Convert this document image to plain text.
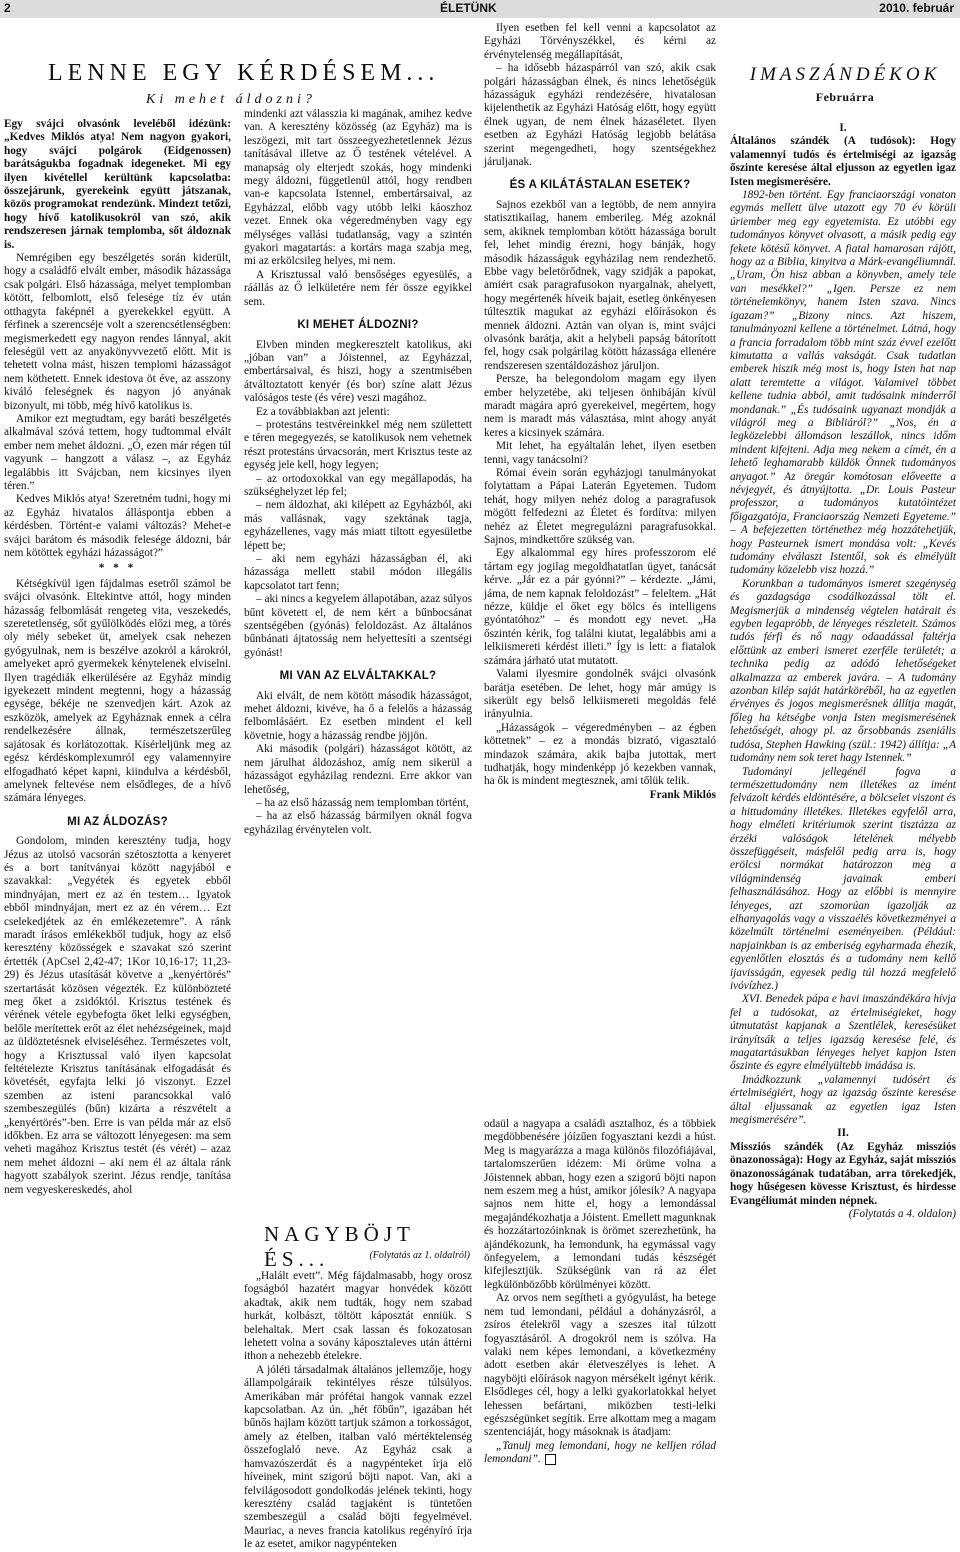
2	ÉLETÜNK	2010. február
LENNE EGY KÉRDÉSEM...
Ki mehet áldozni?

Egy svájci olvasónk leveléből idézünk: „Kedves Miklós atya! Nem nagyon gyakori, hogy svájci polgárok (Eidgenossen) barátságukba fogadnak idegeneket. Mi egy ilyen kivétellel kerültünk kapcsolatba: összejárunk, gyerekeink együtt játszanak, közös programokat rendezünk. Mindezt tetőzi, hogy hívő katolikusokról van szó, akik rendszeresen járnak templomba, sőt áldoznak is.

Nemrégiben egy beszélgetés során kiderült, hogy a családfő elvált ember, második házassága csak polgári. Első házassága, melyet templomban kötött, felbomlott, első felesége tíz év után otthagyta faképnél a gyerekekkel együtt. A férfinek a szerencséje volt a szerencsétlenségben: megismerkedett egy nagyon rendes lánnyal, akit feleségül vett az anyakönyvvezető előtt. Mit is tehetett volna mást, hiszen templomi házasságot nem köthetett. Ennek idestova öt éve, az asszony kiváló feleségnek és nagyon jó anyának bizonyult, mi több, még hívő katolikus is.

Amikor ezt megtudtam, egy baráti beszélgetés alkalmával szóvá tettem, hogy tudtommal elvált ember nem mehet áldozni. „Ó, ezen már régen túl vagyunk – hangzott a válasz –, az Egyház legalábbis itt Svájcban, nem kicsinyes ilyen téren.”

Kedves Miklós atya! Szeretném tudni, hogy mi az Egyház hivatalos álláspontja ebben a kérdésben. Történt-e valami változás? Mehet-e svájci barátom és második felesége áldozni, bár nem kötöttek egyházi házasságot?”

* * *

Kétségkívül igen fájdalmas esetről számol be svájci olvasónk. Eltekintve attól, hogy minden házasság felbomlását rengeteg vita, veszekedés, szeretetlenség, sőt gyűlölködés előzi meg, a törés oly mély sebeket üt, amelyek csak nehezen gyógyulnak, nem is beszélve azokról a károkról, amelyeket apró gyermekek kénytelenek elviselni. Ilyen tragédiák elkerülésére az Egyház mindig igyekezett mindent megtenni, hogy a házasság egysége, békéje ne szenvedjen kárt. Azok az eszközök, amelyek az Egyháznak ennek a célra rendelkezésére állnak, természetszerűleg sajátosak és korlátozottak. Kísérleljünk meg az egész kérdéskomplexumról egy valamennyire elfogadható képet kapni, kiindulva a kérdésből, amelynek feltevése nem elsődleges, de a hívő számára lényeges.

MI AZ ÁLDOZÁS?

Gondolom, minden keresztény tudja, hogy Jézus az utolsó vacsorán szétosztotta a kenyeret és a bort tanítványai között nagyjából e szavakkal: „Vegyétek és egyetek ebből mindnyájan, mert ez az én testem… Igyatok ebből mindnyájan, mert ez az én vérem… Ezt cselekedjétek az én emlékezetemre”. A ránk maradt írásos emlékekből tudjuk, hogy az első keresztény közösségek e szavakat szó szerint értették (ApCsel 2,42-47; 1Kor 10,16-17; 11,23-29) és Jézus utasítását követve a „kenyértörés” szertartását közösen végezték. Ez különbözteté meg őket a zsidóktól. Krisztus testének és vérének vétele egybefogta őket lelki egységben, belőle merítettek erőt az élet nehézségeinek, majd az üldöztetésnek elviseléséhez. Természetes volt, hogy a Krisztussal való ilyen kapcsolat feltételezte Krisztus tanításának elfogadását és követését, egyfajta lelki jó viszonyt. Ezzel szemben az isteni parancsokkal való szembeszegülés (bűn) kizárta a részvételt a „kenyértörés”-ben. Erre is van példa már az első időkben. Ez arra se változott lényegesen: ma sem veheti magához Krisztus testét (és vérét) – azaz nem mehet áldozni – aki nem él az általa ránk hagyott szabályok szerint. Jézus rendje, tanítása nem vegyeskereskedés, ahol

mindenki azt válasszia ki magának, amihez kedve van. A keresztény közösség (az Egyház) ma is leszögezi, mit tart összeegyezhetetlennek Jézus tanításával illetve az Ő testének vételével. A manapság oly elterjedt szokás, hogy mindenki megy áldozni, függetlenül attól, hogy rendben van-e kapcsolata Istennel, embertársaival, az Egyházzal, előbb vagy utóbb lelki káoszhoz vezet. Ennek oka végeredményben vagy egy mélységes vallási tudatlanság, vagy a szintén gyakori magatartás: a kortárs maga szabja meg, mi az erkölcsileg helyes, mi nem.

A Krisztussal való bensőséges egyesülés, a ráállás az Ő lelkületére nem fér össze egyikkel sem.

KI MEHET ÁLDOZNI?

Elvben minden megkeresztelt katolikus, aki „jóban van” a Jóistennel, az Egyházzal, embertársaival, és hiszi, hogy a szentmisében átváltoztatott kenyér (és bor) színe alatt Jézus valóságos teste (és vére) veszi magához.

Ez a továbbiakban azt jelenti:

– protestáns testvéreinkkel még nem születtett e téren megegyezés, se katolikusok nem vehetnek részt protestáns úrvacsorán, mert Krisztus teste az egység jele kell, hogy legyen;

– az ortodoxokkal van egy megállapodás, ha szükséghelyzet lép fel;

– nem áldozhat, aki kilépett az Egyházból, aki más vallásnak, vagy szektának tagja, egyházellenes, vagy más miatt tiltott egyesületbe lépett be;

– aki nem egyházi házasságban él, aki házassága mellett stabil módon illegális kapcsolatot tart fenn;

– aki nincs a kegyelem állapotában, azaz súlyos bűnt követett el, de nem kért a bűnbocsánat szentségében (gyónás) feloldozást. Az általános bűnbánati ájtatosság nem helyettesíti a szentségi gyónást!

MI VAN AZ ELVÁLTAKKAL?

Aki elvált, de nem kötött második házasságot, mehet áldozni, kivéve, ha ő a felelős a házasság felbomlásáért. Ez esetben mindent el kell követnie, hogy a házasság rendbe jöjjön.

Aki második (polgári) házasságot kötött, az nem járulhat áldozáshoz, amíg nem sikerül a házasságot egyházilag rendezni. Erre akkor van lehetőség,

– ha az első házasság nem templomban történt,

– ha az első házasság bármilyen oknál fogva egyházilag érvénytelen volt.

NAGYBÖJT ÉS...	(Folytatás az 1. oldalról)

„Halált evett”. Még fájdalmasabb, hogy orosz fogságból hazatért magyar honvédek között akadtak, akik nem tudták, hogy nem szabad hurkát, kolbászt, töltött káposztát enniük. S belehaltak. Mert csak lassan és fokozatosan lehetett volna a sovány káposztaleves után áttérni ithon a nehezebb ételekre.

A jóléti társadalmak általános jellemzője, hogy állampolgáraik tekintélyes része túlsúlyos. Amerikában már prófétai hangok vannak ezzel kapcsolatban. Az ún. „hét főbűn”, igazában hét bűnős hajlam között tartjuk számon a torkosságot, amely az ételben, italban való mértéktelenség összefoglaló neve. Az Egyház csak a hamvazószerdát és a nagypénteket írja elő híveinek, mint szigorú böjti napot. Van, aki a felvilágosodott gondolkodás jelének tekinti, hogy keresztény család tagjaként is tüntetően szembeszegül a család böjti fegyelmével. Mauriac, a neves francia katolikus regényíró írja le az esetet, amikor nagypénteken

Ilyen esetben fel kell venni a kapcsolatot az Egyházi Törvényszékkel, és kérni az érvénytelenség megállapítását,

– ha idősebb házaspárról van szó, akik csak polgári házasságban élnek, és nincs lehetőségük házasságuk egyházi rendezésére, hivatalosan kijelenthetik az Egyházi Hatóság előtt, hogy együtt élnek ugyan, de nem élnek házaséletet. Ilyen esetben az Egyházi Hatóság legjobb belátása szerint megengedheti, hogy szentségekhez járuljanak.

ÉS A KILÁTÁSTALAN ESETEK?

Sajnos ezekből van a legtöbb, de nem annyira statisztikailag, hanem emberileg. Még azoknál sem, akiknek templomban kötött házassága borult fel, lehet mindig érezni, hogy bánják, hogy második házasságuk egyházilag nem rendezhető. Ebbe vagy beletörődnek, vagy szidják a papokat, amiért csak paragrafusokon nyargalnak, ahelyett, hogy megértenék híveik bajait, esetleg önkényesen túltesztik magukat az egyházi előírásokon és mennek áldozni. Aztán van olyan is, mint svájci olvasónk barátja, akit a helybeli papság bátorított fel, hogy csak polgárilag kötött házassága ellenére rendszeresen szentáldozáshoz járuljon.

Persze, ha belegondolom magam egy ilyen ember helyzetébe, aki teljesen önhibáján kívül maradt magára apró gyerekeivel, megértem, hogy nem is maradt más választása, mint ahogy anyát keres a kicsinyek számára.

Mit lehet, ha egyáltalán lehet, ilyen esetben tenni, vagy tanácsolni?

Római évein során egyházjogi tanulmányokat folytattam a Pápai Laterán Egyetemen. Tudom tehát, hogy milyen nehéz dolog a paragrafusok mögött felfedezni az Életet és fordítva: milyen nehéz az Életet megregulázni paragrafusokkal. Sajnos, mindkettőre szükség van.

Egy alkalommal egy híres professzorom elé tártam egy jogilag megoldhatatlan ügyet, tanácsát kérve. „Jár ez a pár gyónni?” – kérdezte. „Jámi, jáma, de nem kapnak feloldozást” – feleltem. „Hát nézze, küldje el őket egy bölcs és intelligens gyóntatóhoz” – és mondott egy nevet. „Ha őszintén kérik, fog találni kiutat, legalábbis ami a lelkiismereti kérdést illeti.” Így is lett: a fiatalok számára járható utat mutatott.

Valami ilyesmire gondolnék svájci olvasónk barátja esetében. De lehet, hogy már amúgy is sikerült egy belső lelkiismereti megoldás felé irányulnia.

„Házasságok – végeredményben – az égben köttetnek” – ez a mondás bizrató, vigasztaló mindazok számára, akik bajba jutottak, mert tudhatják, hogy mindenképp jó kezekben vannak, ha ők is mindent megtesznek, ami tőlük telik.

Frank Miklós

odaül a nagyapa a családi asztalhoz, és a többiek megdöbbenésére jóízűen fogyasztani kezdi a húst. Meg is magyarázza a maga különös filozófiájával, tartalomszerűen idézem: Mi örüme volna a Jóistennek abban, hogy ezen a szigorú böjti napon nem eszem meg a húst, amikor jólesik? A nagyapa sajnos nem hitte el, hogy a lemondással megajándékozhatja a Jóistent. Emellett magunknak és hozzátartozóinknak is örömet szerezhetünk, ha ajándékozunk, ha lemondunk, ha egymással vagy önfegyelem, a lemondani tudás készségét kifejlesztjük. Szükségünk van rá az élet legkülönbözőbb körülményei között.

Az orvos nem segítheti a gyógyulást, ha betege nem tud lemondani, például a dohányzásról, a zsíros ételekről vagy a szeszes ital túlzott fogyasztásáról. A drogokról nem is szólva. Ha valaki nem képes lemondani, a következmény adott esetben akár életveszélyes is lehet. A nagyböjti előírások nagyon mérsékelt igényt kérik. Elsődleges cél, hogy a lelki gyakorlatokkal helyet lehessen befártani, miközben testi-lelki egészségünket segítik. Erre alkottam meg a magam szentenciáját, hogy másoknak is átadjam:

„Tanulj meg lemondani, hogy ne kelljen rólad lemondani”.

IMASZÁNDÉKOK
Februárra
I.

Általános szándék (A tudósok): Hogy valamennyi tudós és értelmiségi az igazság őszinte keresése által eljusson az egyetlen igaz Isten megismerésére.

1892-ben történt. Egy franciaországi vonaton egymás mellett ülve utazott egy 70 év körüli úriember meg egy egyetemista. Ez utóbbi egy tudományos könyvet olvasott, a másik pedig egy fekete kötésű könyvet. A fiatal hamarosan rájött, hogy az a Biblia, kinyitva a Márk-evangéliumnál. „Uram, Ön hisz abban a könyvben, amely tele van mesékkel?” „Igen. Persze ez nem történelemkönyv, hanem Isten szava. Nincs igazam?” „Bizony nincs. Azt hiszem, tanulmányozni kellene a történelmet. Látná, hogy a francia forradalom több mint száz évvel ezelőtt kimutatta a vallás vakságát. Csak tudatlan emberek hiszik még most is, hogy Isten hat nap alatt teremtette a világot. Valamivel többet kellene tudnia abból, amit tudósaink minderről mondanak.” „És tudósaink ugyanazt mondják a világról meg a Bibliáról?” „Nos, én a legközelebbi állomáson leszállok, nincs időm mindent kifejteni. Adja meg nekem a címét, én a lehető leghamarabb küldök Önnek tudományos anyagot.” Az öregúr komótosan előveette a névjegyét, és átnyújtotta. „Dr. Louis Pasteur professzor, a tudományos kutatóintézet főigazgatója, Franciaország Nemzeti Egyeteme.” – A befejezetten történethez még hozzátehetjük, hogy Pasteurnek ismert mondása volt: „Kevés tudomány elválaszt Istentől, sok és elmélyült tudomány közelebb visz hozzá.”

Korunkban a tudományos ismeret szegénység és gazdagsága csodálkozással tölt el. Megismerjük a mindenség végtelen határait és egyben legapróbb, de lényeges részleteit. Számos tudós férfi és nő nagy odaadással faltérja előttünk az emberi ismeret ezerféle területét; a technika pedig az adódó lehetőségeket alkalmazza az emberek javára. – A tudomány azonban kilép saját határköréből, ha az egyetlen érvényes és jogos megismerésnek állítja magát, főleg ha kétségbe vonja Isten megismerésének lehetőségét, ahogy pl. az őrsobbanás zseniális tudósa, Stephen Hawking (szül.: 1942) állítja: „A tudomány nem sok teret hagy Istennek.”

Tudományi jellegénél fogva a természettudomány nem illetékes az imént felvázolt kérdés eldöntésére, a bölcselet viszont és a hittudomány illetékes. Illetékes egyfelől arra, hogy elméleti kritériumok szerint tisztázza az érzéki valóságok lételének mélyebb összefüggéseit, másfelől pedig arra is, hogy erölcsi normákat határozzon meg a világmindenség javainak emberi felhasználásához. Hogy az előbbi is mennyire lényeges, azt szomorúan igazolják az elhanyagolás vagy a visszaélés következményei a közelmúlt történelmi eseményeiben. (Például: napjainkban is az emberiség egyharmada éhezik, egyenlőtlen elosztás és a tudomány nem kellő ijavisságán, egyesek pedig túl hozzá megfelelő ivóvízhez.)

XVI. Benedek pápa e havi imaszándékára hívja fel a tudósokat, az értelmiségieket, hogy útmutatást kapjanak a Szentlélek, keresésüket irányítsák a teljes igazság keresése felé, és magatartásukban lényeges helyet kapjon Isten őszinte és egyre elmélyültebb imádása is.

Imádkozzunk „valamennyi tudósért és értelmiségiért, hogy az igazság őszinte keresése által eljussanak az egyetlen igaz Isten megismerésére”.

II.

Missziós szándék (Az Egyház missziós önazonossága): Hogy az Egyház, saját missziós önazonosságának tudatában, arra törekedjék, hogy hűségesen kövesse Krisztust, és hirdesse Evangéliumát minden népnek.

(Folytatás a 4. oldalon)
